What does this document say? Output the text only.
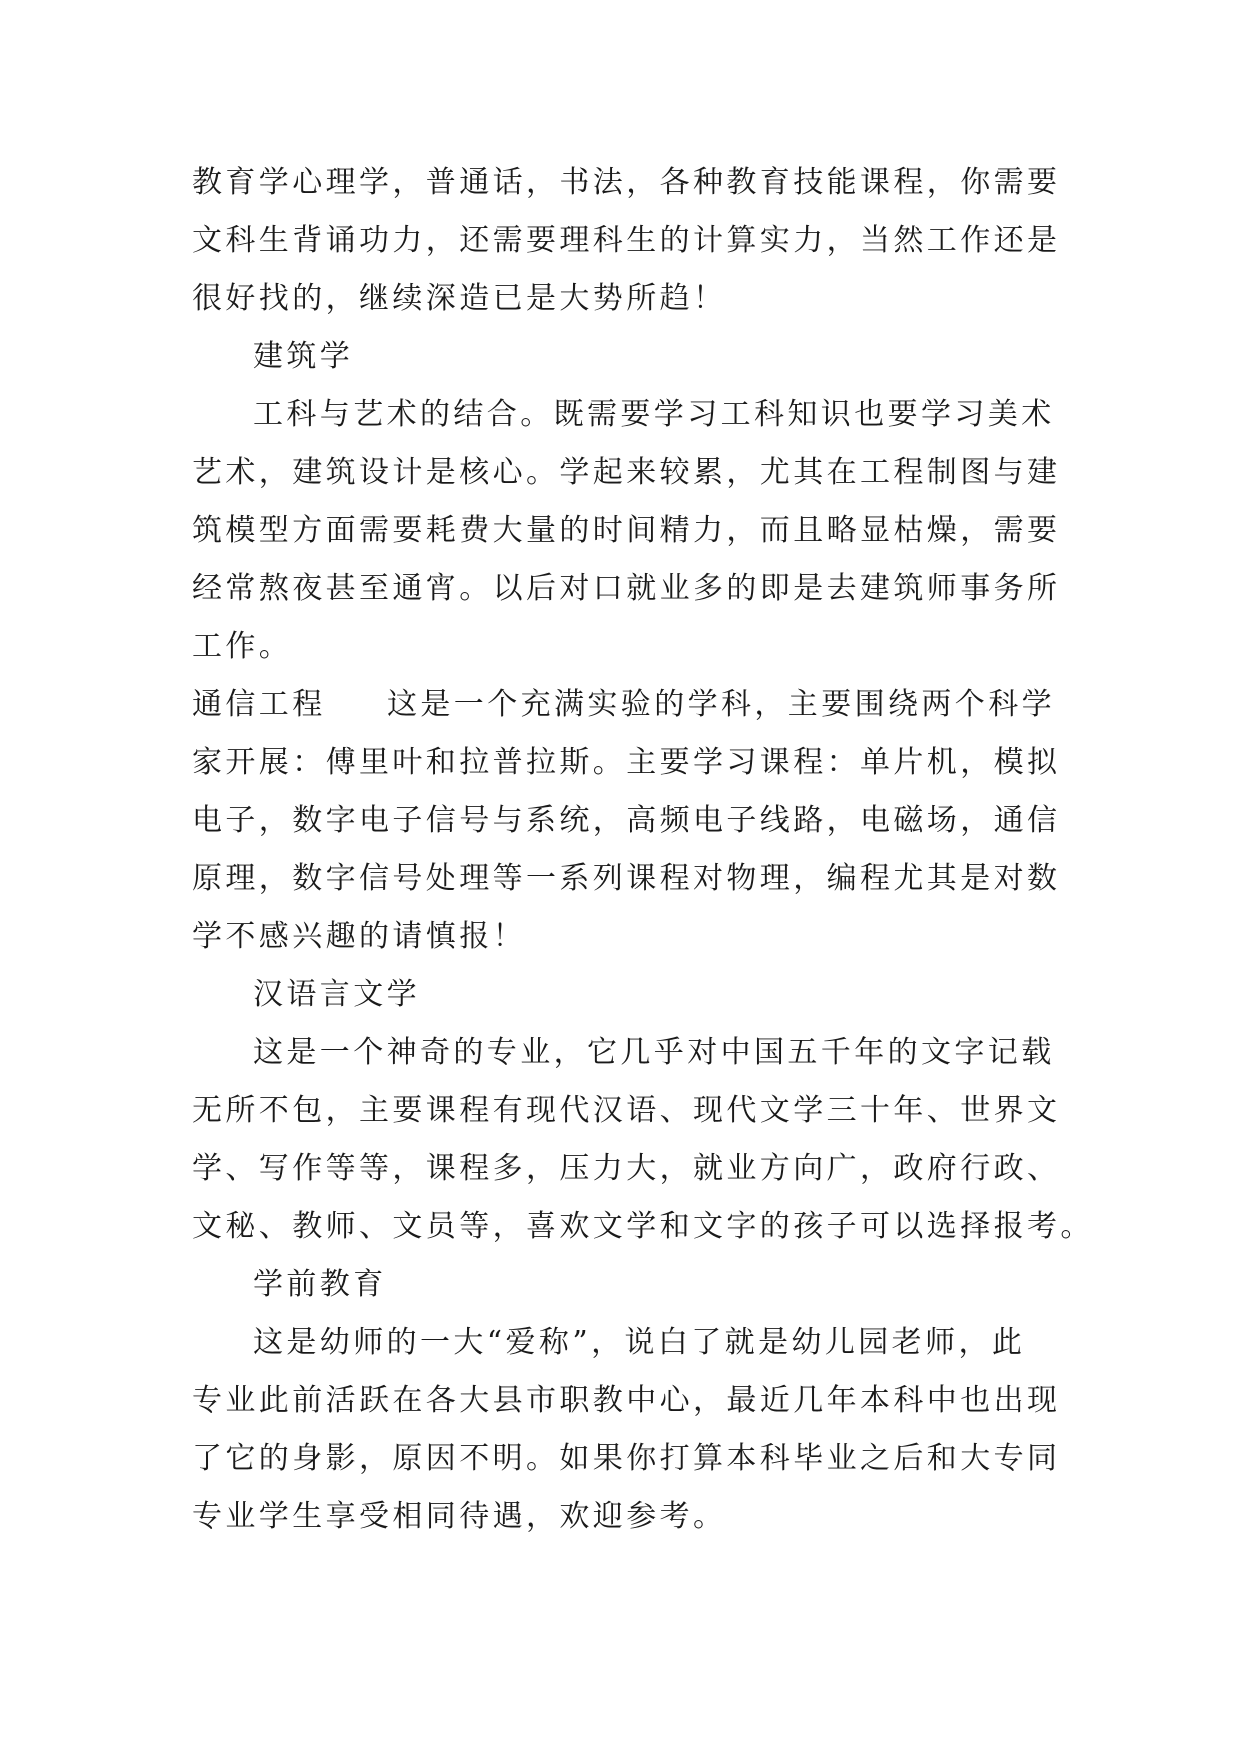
教育学心理学，普通话，书法，各种教育技能课程，你需要
文科生背诵功力，还需要理科生的计算实力，当然工作还是
很好找的，继续深造已是大势所趋！
建筑学
工科与艺术的结合。既需要学习工科知识也要学习美术
艺术，建筑设计是核心。学起来较累，尤其在工程制图与建
筑模型方面需要耗费大量的时间精力，而且略显枯燥，需要
经常熬夜甚至通宵。以后对口就业多的即是去建筑师事务所
工作。
通信工程 这是一个充满实验的学科，主要围绕两个科学
家开展：傅里叶和拉普拉斯。主要学习课程：单片机，模拟
电子，数字电子信号与系统，高频电子线路，电磁场，通信
原理，数字信号处理等一系列课程对物理，编程尤其是对数
学不感兴趣的请慎报！
汉语言文学
这是一个神奇的专业，它几乎对中国五千年的文字记载
无所不包，主要课程有现代汉语、现代文学三十年、世界文
学、写作等等，课程多，压力大，就业方向广，政府行政、
文秘、教师、文员等，喜欢文学和文字的孩子可以选择报考。
学前教育
这是幼师的一大“爱称”，说白了就是幼儿园老师，此
专业此前活跃在各大县市职教中心，最近几年本科中也出现
了它的身影，原因不明。如果你打算本科毕业之后和大专同
专业学生享受相同待遇，欢迎参考。
